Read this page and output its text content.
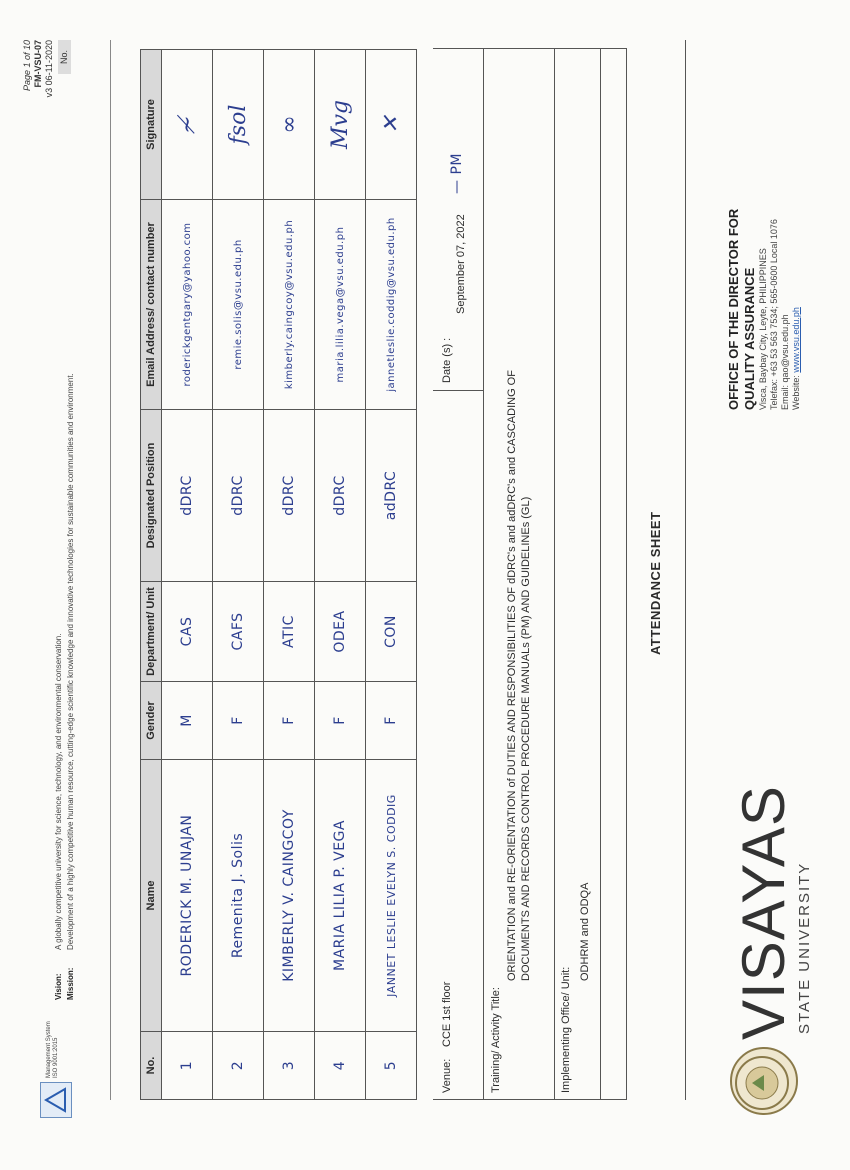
VISAYAS STATE UNIVERSITY
OFFICE OF THE DIRECTOR FOR QUALITY ASSURANCE Visca, Baybay City, Leyte, PHILIPPINES Telefax: +63 53 563 7534; 565-0600 Local 1076 Email: qao@vsu.edu.ph Website: www.vsu.edu.ph
ATTENDANCE SHEET
Training/ Activity Title:
ORIENTATION and RE-ORIENTATION of DUTIES AND RESPONSIBILITIES OF dDRC's and adDRC's and CASCADING OF DOCUMENTS AND RECORDS CONTROL PROCEDURE MANUALs (PM) AND GUIDELINEs (GL)
Implementing Office/ Unit:
ODHRM and ODQA
Venue:
CCE 1st floor
Date (s) :
September 07, 2022
— PM
No.	Name	Gender	Department/ Unit	Designated Position	Email Address/ contact number	Signature
1	RODERICK M. UNAJAN	M	CAS	dDRC	roderickgentgary@yahoo.com	≁
2	Remenita J. Solis	F	CAFS	dDRC	remie.solis@vsu.edu.ph	fsol
3	KIMBERLY V. CAINGCOY	F	ATIC	dDRC	kimberly.caingcoy@vsu.edu.ph	∞
4	MARIA LILIA P. VEGA	F	ODEA	dDRC	maria.lilia.vega@vsu.edu.ph	Mvg
5	JANNET LESLIE EVELYN S. CODDIG	F	CON	adDRC	jannetleslie.coddig@vsu.edu.ph	✕
Management System ISO 9001:2015
Vision:
A globally competitive university for science, technology, and environmental conservation.
Mission:
Development of a highly competitive human resource, cutting-edge scientific knowledge and innovative technologies for sustainable communities and environment.
Page 1 of 10 FM-VSU-07 v3 06-11-2020 No.
